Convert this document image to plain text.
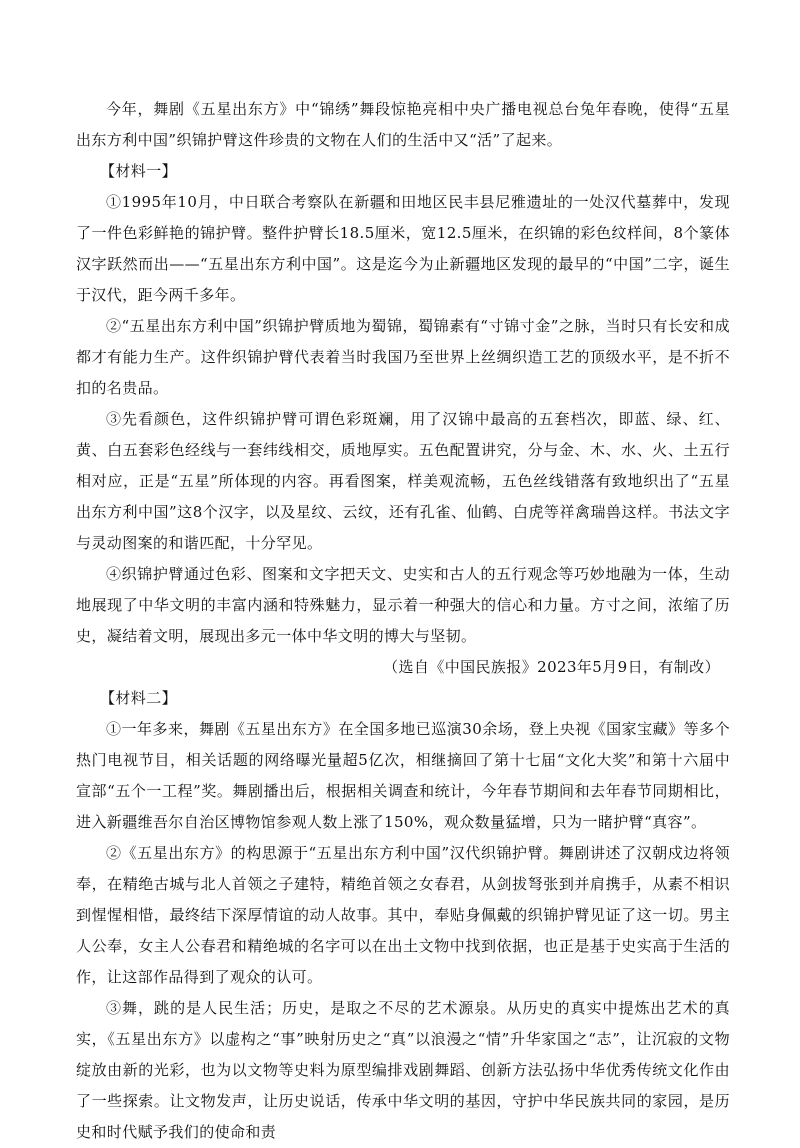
今年，舞剧《五星出东方》中“锦绣”舞段惊艳亮相中央广播电视总台兔年春晚，使得“五星出东方利中国”织锦护臂这件珍贵的文物在人们的生活中又“活”了起来。

【材料一】

①1995年10月，中日联合考察队在新疆和田地区民丰县尼雅遗址的一处汉代墓葬中，发现了一件色彩鲜艳的锦护臂。整件护臂长18.5厘米，宽12.5厘米，在织锦的彩色纹样间，8个篆体汉字跃然而出——“五星出东方利中国”。这是迄今为止新疆地区发现的最早的“中国”二字，诞生于汉代，距今两千多年。

②“五星出东方利中国”织锦护臂质地为蜀锦，蜀锦素有“寸锦寸金”之脉，当时只有长安和成都才有能力生产。这件织锦护臂代表着当时我国乃至世界上丝绸织造工艺的顶级水平，是不折不扣的名贵品。

③先看颜色，这件织锦护臂可谓色彩斑斓，用了汉锦中最高的五套档次，即蓝、绿、红、黄、白五套彩色经线与一套纬线相交，质地厚实。五色配置讲究，分与金、木、水、火、土五行相对应，正是“五星”所体现的内容。再看图案，样美观流畅，五色丝线错落有致地织出了“五星出东方利中国”这8个汉字，以及星纹、云纹，还有孔雀、仙鹤、白虎等祥禽瑞兽这样。书法文字与灵动图案的和谐匹配，十分罕见。

④织锦护臂通过色彩、图案和文字把天文、史实和古人的五行观念等巧妙地融为一体，生动地展现了中华文明的丰富内涵和特殊魅力，显示着一种强大的信心和力量。方寸之间，浓缩了历史，凝结着文明，展现出多元一体中华文明的博大与坚韧。

（选自《中国民族报》2023年5月9日，有制改）

【材料二】

①一年多来，舞剧《五星出东方》在全国多地已巡演30余场，登上央视《国家宝藏》等多个热门电视节目，相关话题的网络曝光量超5亿次，相继摘回了第十七届“文化大奖”和第十六届中宣部“五个一工程”奖。舞剧播出后，根据相关调查和统计，今年春节期间和去年春节同期相比，进入新疆维吾尔自治区博物馆参观人数上涨了150%，观众数量猛增，只为一睹护臂“真容”。

②《五星出东方》的构思源于“五星出东方利中国”汉代织锦护臂。舞剧讲述了汉朝戍边将领奉，在精绝古城与北人首领之子建特，精绝首领之女春君，从剑拔弩张到并肩携手，从素不相识到惺惺相惜，最终结下深厚情谊的动人故事。其中，奉贴身佩戴的织锦护臂见证了这一切。男主人公奉，女主人公春君和精绝城的名字可以在出土文物中找到依据，也正是基于史实高于生活的作，让这部作品得到了观众的认可。

③舞，跳的是人民生活；历史，是取之不尽的艺术源泉。从历史的真实中提炼出艺术的真实，《五星出东方》以虚构之“事”映射历史之“真”以浪漫之“情”升华家国之“志”，让沉寂的文物绽放由新的光彩，也为以文物等史料为原型编排戏剧舞蹈、创新方法弘扬中华优秀传统文化作由了一些探索。让文物发声，让历史说话，传承中华文明的基因，守护中华民族共同的家园，是历史和时代赋予我们的使命和责
